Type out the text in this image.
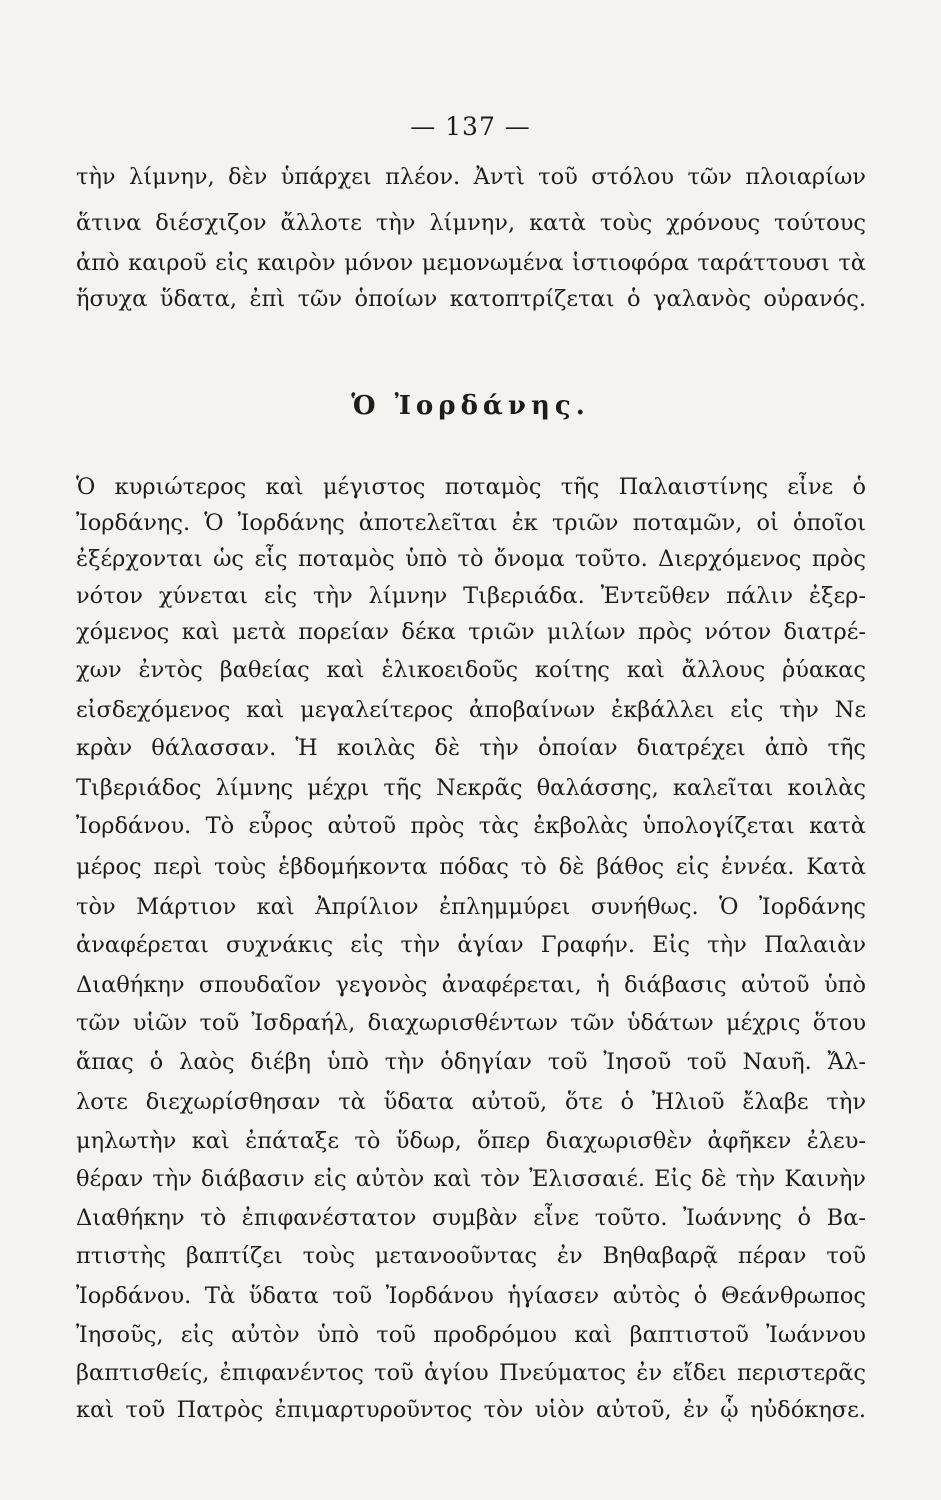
— 137 —
τὴν λίμνην, δὲν ὑπάρχει πλέον. Ἀντὶ τοῦ στόλου τῶν πλοιαρίων
ἅτινα διέσχιζον ἄλλοτε τὴν λίμνην, κατὰ τοὺς χρόνους τούτους
ἀπὸ καιροῦ εἰς καιρὸν μόνον μεμονωμένα ἱστιοφόρα ταράττουσι τὰ
ἥσυχα ὕδατα, ἐπὶ τῶν ὁποίων κατοπτρίζεται ὁ γαλανὸς οὐρανός.
Ὁ Ἰορδάνης.
Ὁ κυριώτερος καὶ μέγιστος ποταμὸς τῆς Παλαιστίνης εἶνε ὁ
Ἰορδάνης. Ὁ Ἰορδάνης ἀποτελεῖται ἐκ τριῶν ποταμῶν, οἱ ὁποῖοι
ἐξέρχονται ὡς εἷς ποταμὸς ὑπὸ τὸ ὄνομα τοῦτο. Διερχόμενος πρὸς
νότον χύνεται εἰς τὴν λίμνην Τιβεριάδα. Ἐντεῦθεν πάλιν ἐξερ-
χόμενος καὶ μετὰ πορείαν δέκα τριῶν μιλίων πρὸς νότον διατρέ-
χων ἐντὸς βαθείας καὶ ἑλικοειδοῦς κοίτης καὶ ἄλλους ῥύακας
εἰσδεχόμενος καὶ μεγαλείτερος ἀποβαίνων ἐκβάλλει εἰς τὴν Νε
κρὰν θάλασσαν. Ἡ κοιλὰς δὲ τὴν ὁποίαν διατρέχει ἀπὸ τῆς
Τιβεριάδος λίμνης μέχρι τῆς Νεκρᾶς θαλάσσης, καλεῖται κοιλὰς
Ἰορδάνου. Τὸ εὖρος αὐτοῦ πρὸς τὰς ἐκβολὰς ὑπολογίζεται κατὰ
μέρος περὶ τοὺς ἑβδομήκοντα πόδας τὸ δὲ βάθος εἰς ἐννέα. Κατὰ
τὸν Μάρτιον καὶ Ἀπρίλιον ἐπλημμύρει συνήθως. Ὁ Ἰορδάνης
ἀναφέρεται συχνάκις εἰς τὴν ἁγίαν Γραφήν. Εἰς τὴν Παλαιὰν
Διαθήκην σπουδαῖον γεγονὸς ἀναφέρεται, ἡ διάβασις αὐτοῦ ὑπὸ
τῶν υἱῶν τοῦ Ἰσδραήλ, διαχωρισθέντων τῶν ὑδάτων μέχρις ὅτου
ἅπας ὁ λαὸς διέβη ὑπὸ τὴν ὁδηγίαν τοῦ Ἰησοῦ τοῦ Ναυῆ. Ἄλ-
λοτε διεχωρίσθησαν τὰ ὕδατα αὐτοῦ, ὅτε ὁ Ἠλιοῦ ἔλαβε τὴν
μηλωτὴν καὶ ἐπάταξε τὸ ὕδωρ, ὅπερ διαχωρισθὲν ἀφῆκεν ἐλευ-
θέραν τὴν διάβασιν εἰς αὐτὸν καὶ τὸν Ἐλισσαιέ. Εἰς δὲ τὴν Καινὴν
Διαθήκην τὸ ἐπιφανέστατον συμβὰν εἶνε τοῦτο. Ἰωάννης ὁ Βα-
πτιστὴς βαπτίζει τοὺς μετανοοῦντας ἐν Βηθαβαρᾷ πέραν τοῦ
Ἰορδάνου. Τὰ ὕδατα τοῦ Ἰορδάνου ἡγίασεν αὐτὸς ὁ Θεάνθρωπος
Ἰησοῦς, εἰς αὐτὸν ὑπὸ τοῦ προδρόμου καὶ βαπτιστοῦ Ἰωάννου
βαπτισθείς, ἐπιφανέντος τοῦ ἁγίου Πνεύματος ἐν εἴδει περιστερᾶς
καὶ τοῦ Πατρὸς ἐπιμαρτυροῦντος τὸν υἱὸν αὐτοῦ, ἐν ᾧ ηὐδόκησε.
